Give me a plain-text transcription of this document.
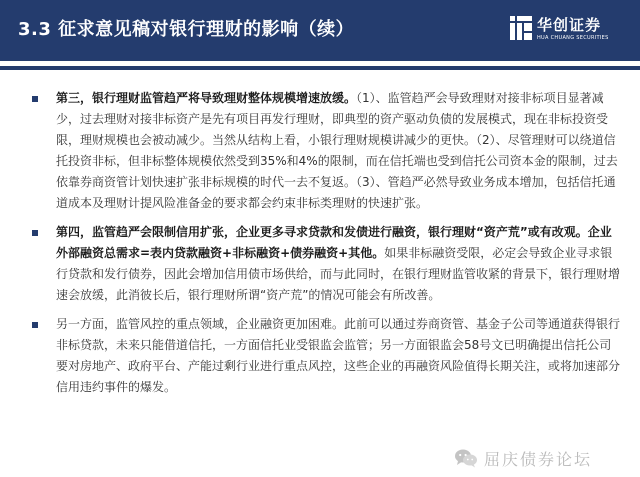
3.3 征求意见稿对银行理财的影响（续）	华创证券
HUA CHUANG SECURITIES
第三，银行理财监管趋严将导致理财整体规模增速放缓。（1）、监管趋严会导致理财对接非标项目显著减少，过去理财对接非标资产是先有项目再发行理财，即典型的资产驱动负债的发展模式，现在非标投资受限，理财规模也会被动减少。当然从结构上看，小银行理财规模讲减少的更快。（2）、尽管理财可以绕道信托投资非标，但非标整体规模依然受到35%和4%的限制，而在信托端也受到信托公司资本金的限制，过去依靠券商资管计划快速扩张非标规模的时代一去不复返。（3）、管趋严必然导致业务成本增加，包括信托通道成本及理财计提风险准备金的要求都会约束非标类理财的快速扩张。
第四，监管趋严会限制信用扩张，企业更多寻求贷款和发债进行融资，银行理财“资产荒”或有改观。企业外部融资总需求=表内贷款融资+非标融资+债券融资+其他。如果非标融资受限，必定会导致企业寻求银行贷款和发行债券，因此会增加信用债市场供给，而与此同时，在银行理财监管收紧的背景下，银行理财增速会放缓，此消彼长后，银行理财所谓“资产荒”的情况可能会有所改善。
另一方面，监管风控的重点领域，企业融资更加困难。此前可以通过券商资管、基金子公司等通道获得银行非标贷款，未来只能借道信托，一方面信托业受银监会监管；另一方面银监会58号文已明确提出信托公司要对房地产、政府平台、产能过剩行业进行重点风控，这些企业的再融资风险值得长期关注，或将加速部分信用违约事件的爆发。
屈庆债券论坛
